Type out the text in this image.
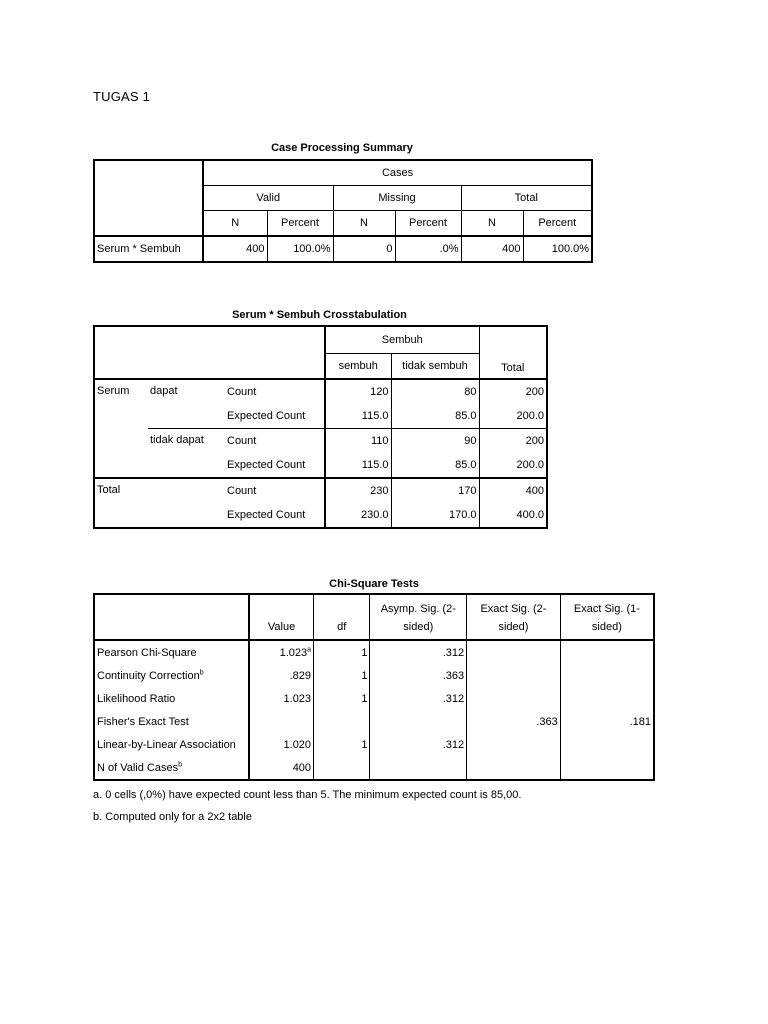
TUGAS 1
Case Processing Summary
	Cases					
	Valid		Missing		Total	
	N	Percent	N	Percent	N	Percent
Serum * Sembuh	400	100.0%	0	.0%	400	100.0%
Serum * Sembuh Crosstabulation
			Sembuh		Total
			sembuh	tidak sembuh	
Serum	dapat	Count	120	80	200
		Expected Count	115.0	85.0	200.0
	tidak dapat	Count	110	90	200
		Expected Count	115.0	85.0	200.0
Total		Count	230	170	400
		Expected Count	230.0	170.0	400.0
Chi-Square Tests
			Asymp. Sig. (2-	Exact Sig. (2-	Exact Sig. (1-
	Value	df	sided)	sided)	sided)
Pearson Chi-Square	1.023$^a$	1	.312		
Continuity Correction$^b$	.829	1	.363		
Likelihood Ratio	1.023	1	.312		
Fisher's Exact Test				.363	.181
Linear-by-Linear Association	1.020	1	.312		
N of Valid Cases$^b$	400				
a. 0 cells (,0%) have expected count less than 5. The minimum expected count is 85,00.
b. Computed only for a 2x2 table
